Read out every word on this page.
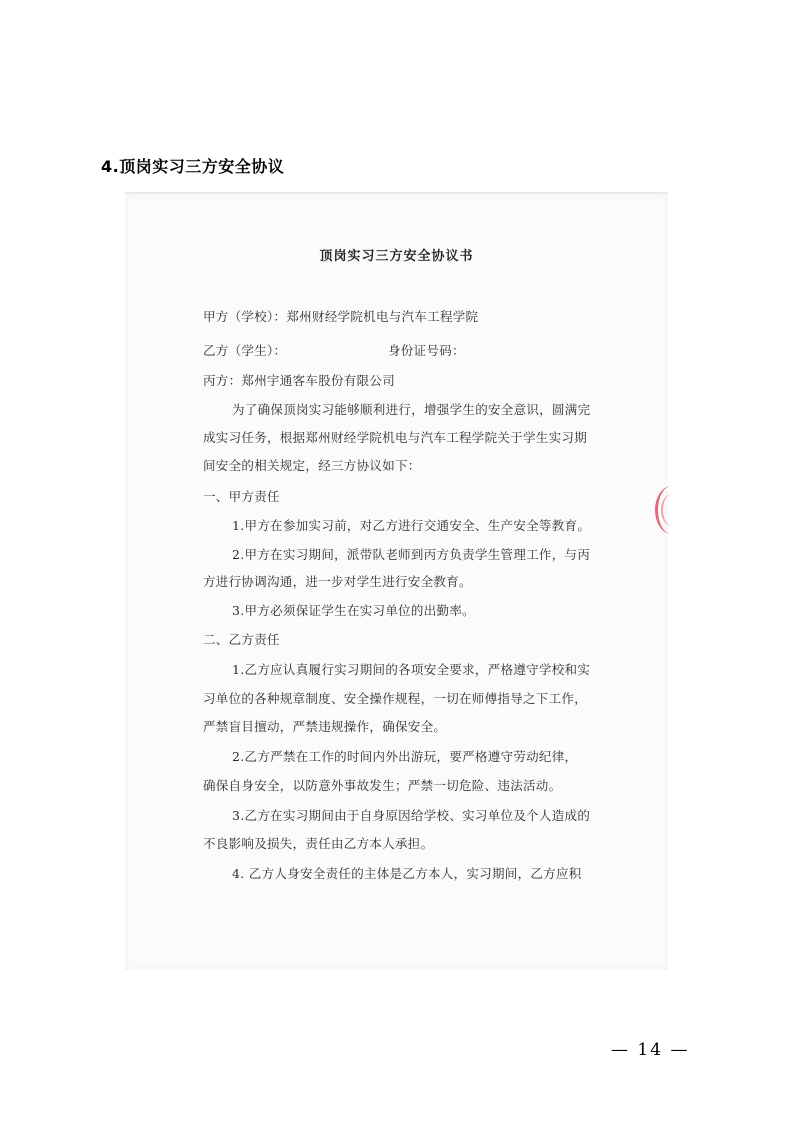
4.顶岗实习三方安全协议
顶岗实习三方安全协议书
甲方（学校）：郑州财经学院机电与汽车工程学院
乙方（学生）：	身份证号码：
丙方：郑州宇通客车股份有限公司
为了确保顶岗实习能够顺利进行，增强学生的安全意识，圆满完
成实习任务，根据郑州财经学院机电与汽车工程学院关于学生实习期
间安全的相关规定，经三方协议如下：
一、甲方责任
1.甲方在参加实习前，对乙方进行交通安全、生产安全等教育。
2.甲方在实习期间，派带队老师到丙方负责学生管理工作，与丙
方进行协调沟通，进一步对学生进行安全教育。
3.甲方必须保证学生在实习单位的出勤率。
二、乙方责任
1.乙方应认真履行实习期间的各项安全要求，严格遵守学校和实
习单位的各种规章制度、安全操作规程，一切在师傅指导之下工作，
严禁盲目擅动，严禁违规操作，确保安全。
2.乙方严禁在工作的时间内外出游玩，要严格遵守劳动纪律，
确保自身安全，以防意外事故发生；严禁一切危险、违法活动。
3.乙方在实习期间由于自身原因给学校、实习单位及个人造成的
不良影响及损失，责任由乙方本人承担。
4. 乙方人身安全责任的主体是乙方本人，实习期间，乙方应积
— 14 —
